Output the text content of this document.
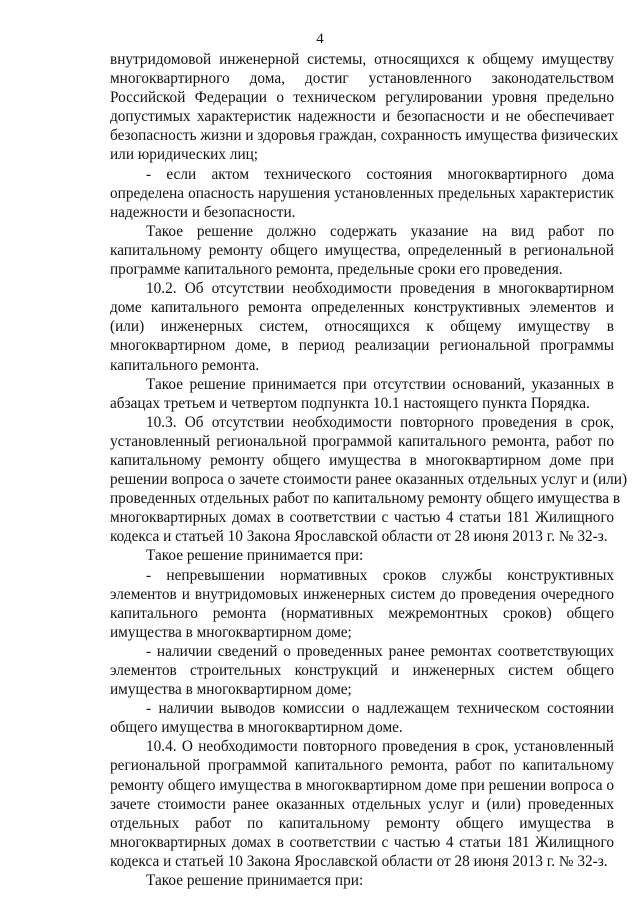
4
внутридомовой инженерной системы, относящихся к общему имуществу
многоквартирного дома, достиг установленного законодательством
Российской Федерации о техническом регулировании уровня предельно
допустимых характеристик надежности и безопасности и не обеспечивает
безопасность жизни и здоровья граждан, сохранность имущества физических
или юридических лиц;
- если актом технического состояния многоквартирного дома
определена опасность нарушения установленных предельных характеристик
надежности и безопасности.
Такое решение должно содержать указание на вид работ по
капитальному ремонту общего имущества, определенный в региональной
программе капитального ремонта, предельные сроки его проведения.
10.2. Об отсутствии необходимости проведения в многоквартирном
доме капитального ремонта определенных конструктивных элементов и
(или) инженерных систем, относящихся к общему имуществу в
многоквартирном доме, в период реализации региональной программы
капитального ремонта.
Такое решение принимается при отсутствии оснований, указанных в
абзацах третьем и четвертом подпункта 10.1 настоящего пункта Порядка.
10.3. Об отсутствии необходимости повторного проведения в срок,
установленный региональной программой капитального ремонта, работ по
капитальному ремонту общего имущества в многоквартирном доме при
решении вопроса о зачете стоимости ранее оказанных отдельных услуг и (или)
проведенных отдельных работ по капитальному ремонту общего имущества в
многоквартирных домах в соответствии с частью 4 статьи 181 Жилищного
кодекса и статьей 10 Закона Ярославской области от 28 июня 2013 г. № 32-з.
Такое решение принимается при:
- непревышении нормативных сроков службы конструктивных
элементов и внутридомовых инженерных систем до проведения очередного
капитального ремонта (нормативных межремонтных сроков) общего
имущества в многоквартирном доме;
- наличии сведений о проведенных ранее ремонтах соответствующих
элементов строительных конструкций и инженерных систем общего
имущества в многоквартирном доме;
- наличии выводов комиссии о надлежащем техническом состоянии
общего имущества в многоквартирном доме.
10.4. О необходимости повторного проведения в срок, установленный
региональной программой капитального ремонта, работ по капитальному
ремонту общего имущества в многоквартирном доме при решении вопроса о
зачете стоимости ранее оказанных отдельных услуг и (или) проведенных
отдельных работ по капитальному ремонту общего имущества в
многоквартирных домах в соответствии с частью 4 статьи 181 Жилищного
кодекса и статьей 10 Закона Ярославской области от 28 июня 2013 г. № 32-з.
Такое решение принимается при:
